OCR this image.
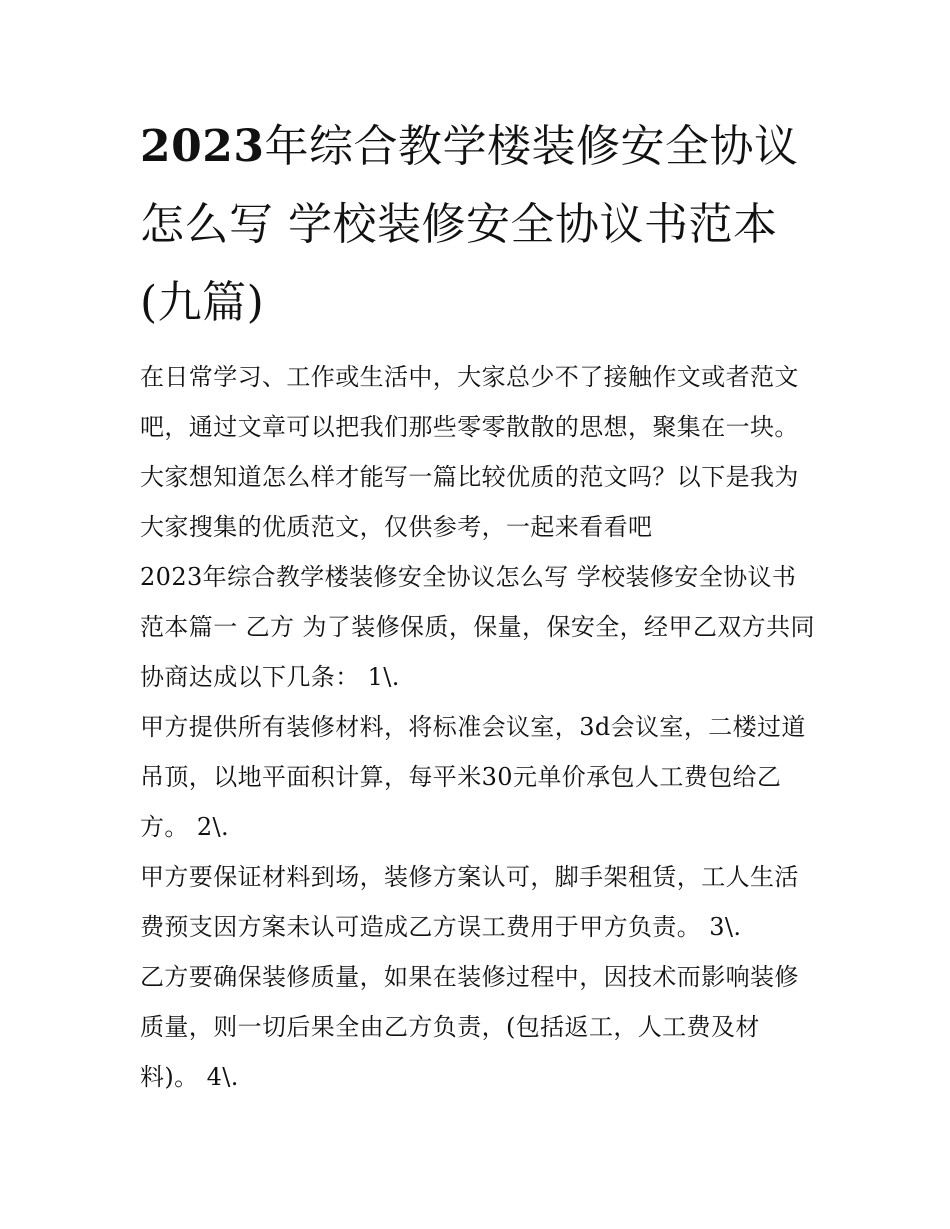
2023年综合教学楼装修安全协议怎么写 学校装修安全协议书范本(九篇)

在日常学习、工作或生活中，大家总少不了接触作文或者范文吧，通过文章可以把我们那些零零散散的思想，聚集在一块。大家想知道怎么样才能写一篇比较优质的范文吗？以下是我为大家搜集的优质范文，仅供参考，一起来看看吧

2023年综合教学楼装修安全协议怎么写 学校装修安全协议书范本篇一 乙方 为了装修保质，保量，保安全，经甲乙双方共同协商达成以下几条： 1\.

甲方提供所有装修材料，将标准会议室，3d会议室，二楼过道吊顶，以地平面积计算，每平米30元单价承包人工费包给乙方。 2\.

甲方要保证材料到场，装修方案认可，脚手架租赁，工人生活费预支因方案未认可造成乙方误工费用于甲方负责。 3\.

乙方要确保装修质量，如果在装修过程中，因技术而影响装修质量，则一切后果全由乙方负责，(包括返工，人工费及材料)。 4\.
